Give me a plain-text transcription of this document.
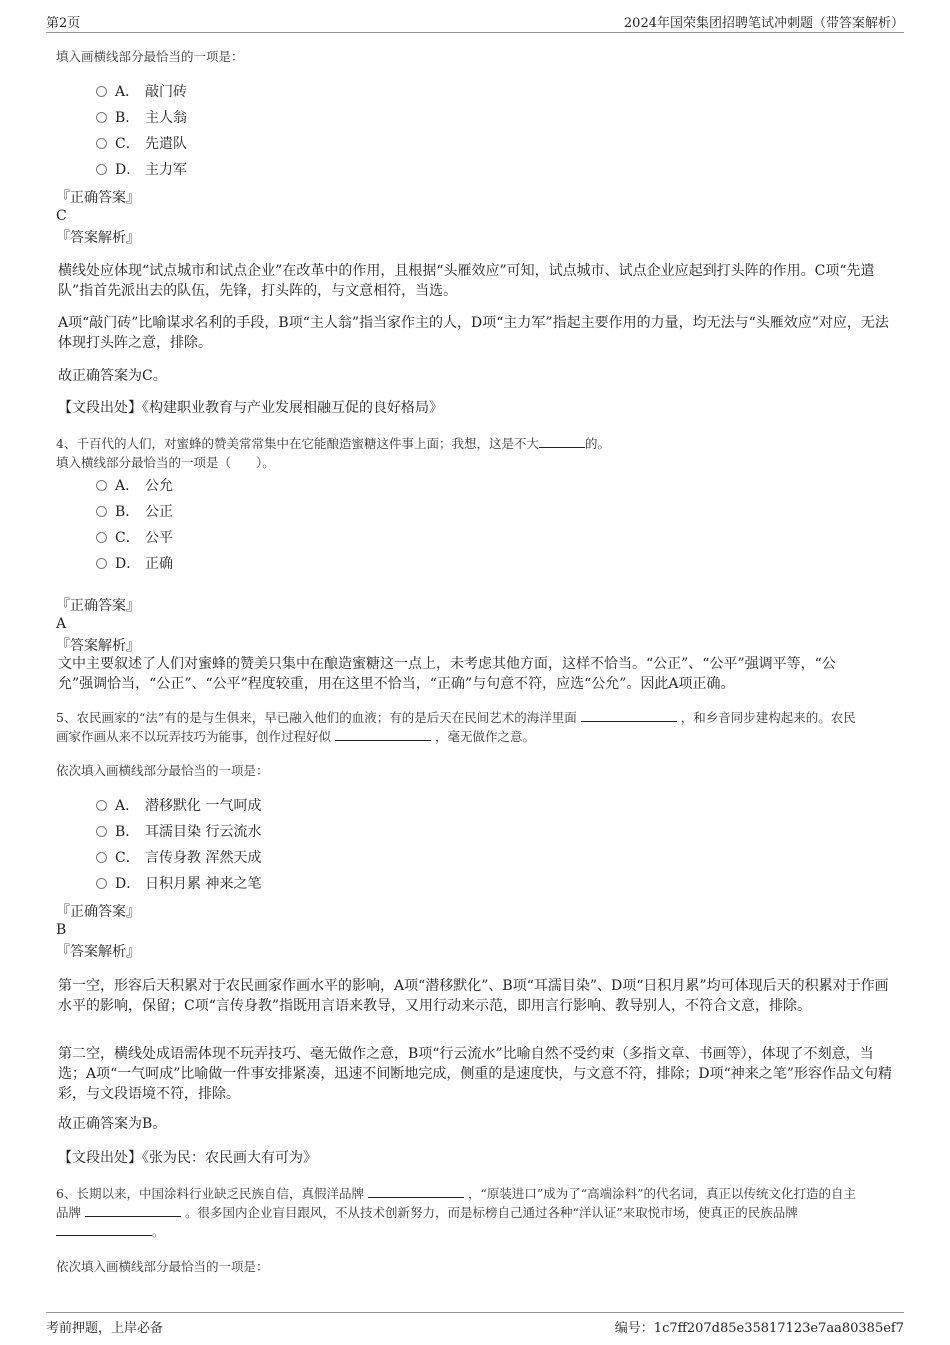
第2页	2024年国荣集团招聘笔试冲刺题（带答案解析）
填入画横线部分最恰当的一项是：
A． 敲门砖
B． 主人翁
C． 先遣队
D． 主力军
『正确答案』
C
『答案解析』
横线处应体现“试点城市和试点企业”在改革中的作用，且根据“头雁效应”可知，试点城市、试点企业应起到打头阵的作用。C项“先遣队”指首先派出去的队伍，先锋，打头阵的，与文意相符，当选。
A项“敲门砖”比喻谋求名利的手段，B项“主人翁”指当家作主的人，D项“主力军”指起主要作用的力量，均无法与“头雁效应”对应，无法体现打头阵之意，排除。
故正确答案为C。
【文段出处】《构建职业教育与产业发展相融互促的良好格局》
4、千百代的人们，对蜜蜂的赞美常常集中在它能酿造蜜糖这件事上面；我想，这是不大	的。
填入横线部分最恰当的一项是（　　）。
A． 公允
B． 公正
C． 公平
D． 正确
『正确答案』
A
『答案解析』
文中主要叙述了人们对蜜蜂的赞美只集中在酿造蜜糖这一点上，未考虑其他方面，这样不恰当。“公正”、“公平”强调平等，“公允”强调恰当，“公正”、“公平”程度较重，用在这里不恰当，“正确”与句意不符，应选“公允”。因此A项正确。
5、农民画家的“法”有的是与生俱来，早已融入他们的血液；有的是后天在民间艺术的海洋里面	，和乡音同步建构起来的。农民
画家作画从来不以玩弄技巧为能事，创作过程好似	，毫无做作之意。
依次填入画横线部分最恰当的一项是：
A． 潜移默化 一气呵成
B． 耳濡目染 行云流水
C． 言传身教 浑然天成
D． 日积月累 神来之笔
『正确答案』
B
『答案解析』
第一空，形容后天积累对于农民画家作画水平的影响，A项“潜移默化”、B项“耳濡目染”、D项“日积月累”均可体现后天的积累对于作画水平的影响，保留；C项“言传身教”指既用言语来教导，又用行动来示范，即用言行影响、教导别人，不符合文意，排除。
第二空，横线处成语需体现不玩弄技巧、毫无做作之意，B项“行云流水”比喻自然不受约束（多指文章、书画等），体现了不刻意，当选；A项“一气呵成”比喻做一件事安排紧凑，迅速不间断地完成，侧重的是速度快，与文意不符，排除；D项“神来之笔”形容作品文句精彩，与文段语境不符，排除。
故正确答案为B。
【文段出处】《张为民：农民画大有可为》
6、长期以来，中国涂料行业缺乏民族自信，真假洋品牌	，“原装进口”成为了“高端涂料”的代名词，真正以传统文化打造的自主
品牌	。很多国内企业盲目跟风，不从技术创新努力，而是标榜自己通过各种“洋认证”来取悦市场，使真正的民族品牌
。
依次填入画横线部分最恰当的一项是：
考前押题，上岸必备	编号：1c7ff207d85e35817123e7aa80385ef7
